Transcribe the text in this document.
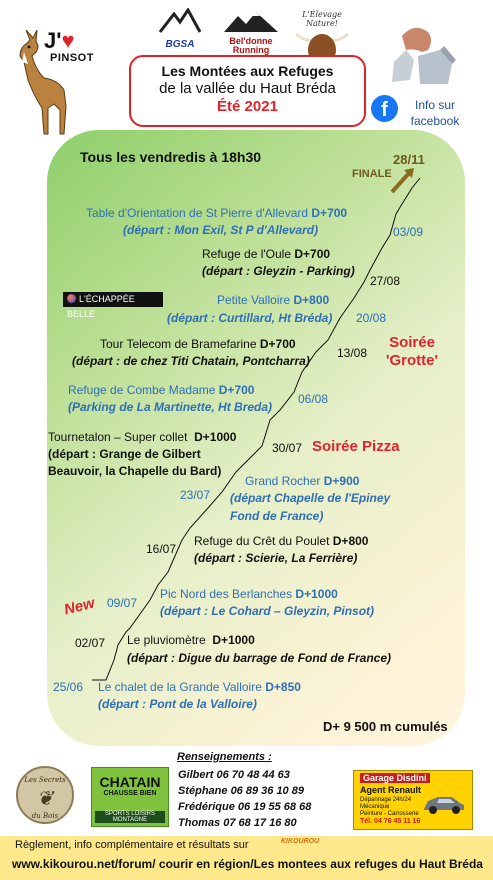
J'♥
PINSOT
BGSA	Bel'donne Running
L'Élevage Nature!
Les Montées aux Refuges
de la vallée du Haut Bréda
Été 2021	f	Info sur facebook
Tous les vendredis à 18h30
FINALE
28/11
Table d'Orientation de St Pierre d'Allevard D+700
(départ : Mon Exil, St P d'Allevard)	03/09
Refuge de l'Oule D+700
(départ : Gleyzin - Parking)
27/08
L'ÉCHAPPÉE BELLE
Petite Valloire D+800
(départ : Curtillard, Ht Bréda) 20/08
Tour Telecom de Bramefarine D+700
(départ : de chez Titi Chatain, Pontcharra)
13/08
Soirée
'Grotte'
Refuge de Combe Madame D+700
(Parking de La Martinette, Ht Breda)
06/08
Tournetalon – Super collet D+1000
(départ : Grange de Gilbert
Beauvoir, la Chapelle du Bard)
30/07 Soirée Pizza
Grand Rocher D+900
(départ Chapelle de l'Epiney
Fond de France)
23/07
Refuge du Crêt du Poulet D+800
(départ : Scierie, La Ferrière)
16/07
Pic Nord des Berlanches D+1000
(départ : Le Cohard – Gleyzin, Pinsot)
09/07
New
Le pluviomètre D+1000
(départ : Digue du barrage de Fond de France)
02/07
Le chalet de la Grande Valloire D+850
(départ : Pont de la Valloire)
25/06
D+ 9 500 m cumulés
Les Secrets
❦
du Bois
CHATAIN
CHAUSSE BIEN
SPORTS LOISIRS MONTAGNE
Renseignements :
Gilbert 06 70 48 44 63
Stéphane 06 89 36 10 89
Frédérique 06 19 55 68 68
Thomas 07 68 17 16 80
Garage Disdini
Agent Renault
Dépannage 24h/24
Mécanique
Peinture - Carrosserie
Tél. 04 76 45 11 16
Règlement, info complémentaire et résultats sur	KIKOUROU
www.kikourou.net/forum/ courir en région/Les montees aux refuges du Haut Bréda
